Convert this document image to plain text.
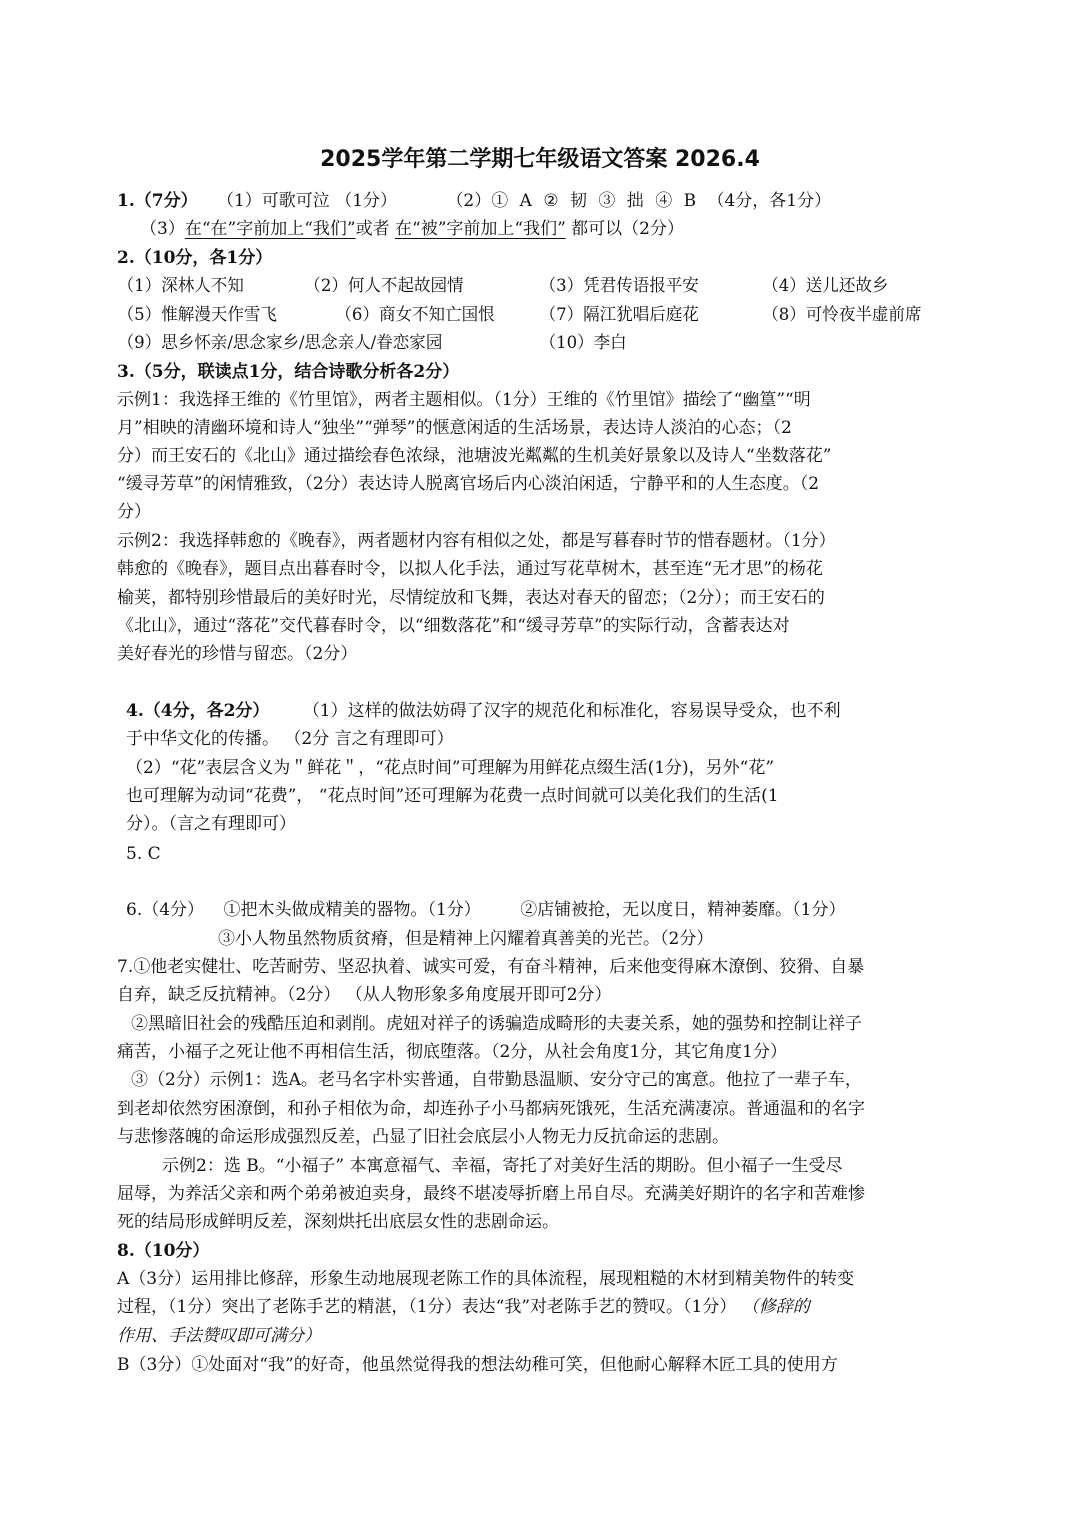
2025学年第二学期七年级语文答案 2026.4
1.（7分） （1）可歌可泣 （1分）	（2）① A ② 韧 ③ 拙 ④ B （4分，各1分）
（3）在“在”字前加上“我们”或者 在“被”字前加上“我们” 都可以（2分）
2.（10分，各1分）
（1）深林人不知	（2）何人不起故园情	（3）凭君传语报平安	（4）送儿还故乡
（5）惟解漫天作雪飞	（6）商女不知亡国恨	（7）隔江犹唱后庭花	（8）可怜夜半虚前席
（9）思乡怀亲/思念家乡/思念亲人/眷恋家园	（10）李白
3.（5分，联读点1分，结合诗歌分析各2分）
示例1：我选择王维的《竹里馆》，两者主题相似。（1分）王维的《竹里馆》描绘了“幽篁”“明
月”相映的清幽环境和诗人“独坐”“弹琴”的惬意闲适的生活场景，表达诗人淡泊的心态；（2
分）而王安石的《北山》通过描绘春色浓绿，池塘波光粼粼的生机美好景象以及诗人“坐数落花”
“缓寻芳草”的闲情雅致，（2分）表达诗人脱离官场后内心淡泊闲适，宁静平和的人生态度。（2
分）
示例2：我选择韩愈的《晚春》，两者题材内容有相似之处，都是写暮春时节的惜春题材。（1分）
韩愈的《晚春》，题目点出暮春时令，以拟人化手法，通过写花草树木，甚至连“无才思”的杨花
榆荚，都特别珍惜最后的美好时光，尽情绽放和飞舞，表达对春天的留恋；（2分）；而王安石的
《北山》，通过“落花”交代暮春时令，以“细数落花”和“缓寻芳草”的实际行动，含蓄表达对
美好春光的珍惜与留恋。（2分）
4.（4分，各2分） （1）这样的做法妨碍了汉字的规范化和标准化，容易误导受众，也不利
于中华文化的传播。 （2分 言之有理即可）
（2）“花”表层含义为＂鲜花＂，“花点时间”可理解为用鲜花点缀生活(1分)，另外“花”
也可理解为动词“花费”， “花点时间”还可理解为花费一点时间就可以美化我们的生活(1
分）。（言之有理即可）
5. C
6.（4分） ①把木头做成精美的器物。（1分） ②店铺被抢，无以度日，精神萎靡。（1分）
③小人物虽然物质贫瘠，但是精神上闪耀着真善美的光芒。（2分）
7.①他老实健壮、吃苦耐劳、坚忍执着、诚实可爱，有奋斗精神，后来他变得麻木潦倒、狡猾、自暴
自弃，缺乏反抗精神。（2分） （从人物形象多角度展开即可2分）
②黑暗旧社会的残酷压迫和剥削。虎妞对祥子的诱骗造成畸形的夫妻关系，她的强势和控制让祥子
痛苦，小福子之死让他不再相信生活，彻底堕落。（2分，从社会角度1分，其它角度1分）
③（2分）示例1：选A。老马名字朴实普通，自带勤恳温顺、安分守己的寓意。他拉了一辈子车，
到老却依然穷困潦倒，和孙子相依为命，却连孙子小马都病死饿死，生活充满凄凉。普通温和的名字
与悲惨落魄的命运形成强烈反差，凸显了旧社会底层小人物无力反抗命运的悲剧。
示例2：选 B。“小福子” 本寓意福气、幸福，寄托了对美好生活的期盼。但小福子一生受尽
屈辱，为养活父亲和两个弟弟被迫卖身，最终不堪凌辱折磨上吊自尽。充满美好期许的名字和苦难惨
死的结局形成鲜明反差，深刻烘托出底层女性的悲剧命运。
8.（10分）
A（3分）运用排比修辞，形象生动地展现老陈工作的具体流程，展现粗糙的木材到精美物件的转变
过程，（1分）突出了老陈手艺的精湛，（1分）表达“我”对老陈手艺的赞叹。（1分） （修辞的
作用、手法赞叹即可满分）
B（3分）①处面对“我”的好奇，他虽然觉得我的想法幼稚可笑，但他耐心解释木匠工具的使用方
